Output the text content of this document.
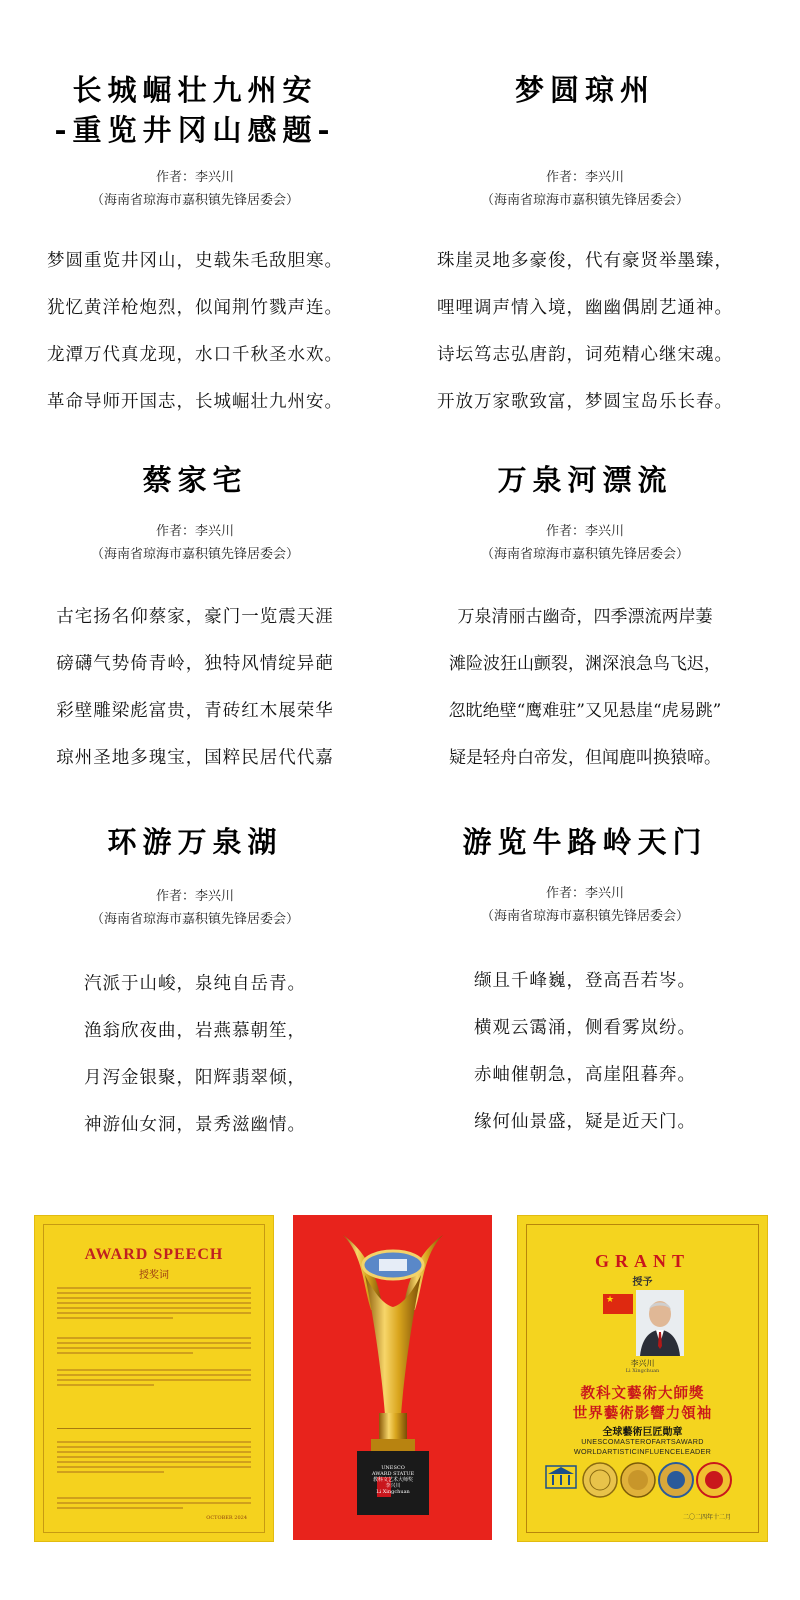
长城崛壮九州安
-重览井冈山感题-
作者：李兴川
（海南省琼海市嘉积镇先锋居委会）
梦圆重览井冈山，史载朱毛敌胆寒。
犹忆黄洋枪炮烈，似闻荆竹戮声连。
龙潭万代真龙现，水口千秋圣水欢。
革命导师开国志，长城崛壮九州安。
梦圆琼州
作者：李兴川
（海南省琼海市嘉积镇先锋居委会）
珠崖灵地多豪俊，代有豪贤举墨臻，
哩哩调声情入境，幽幽偶剧艺通神。
诗坛笃志弘唐韵，词苑精心继宋魂。
开放万家歌致富，梦圆宝岛乐长春。
蔡家宅
作者：李兴川
（海南省琼海市嘉积镇先锋居委会）
古宅扬名仰蔡家，豪门一览震天涯
磅礴气势倚青岭，独特风情绽异葩
彩壁雕梁彪富贵，青砖红木展荣华
琼州圣地多瑰宝，国粹民居代代嘉
万泉河漂流
作者：李兴川
（海南省琼海市嘉积镇先锋居委会）
万泉清丽古幽奇，四季漂流两岸萋
滩险波狂山颤裂，渊深浪急鸟飞迟，
忽眈绝壁“鹰难驻”又见悬崖“虎易跳”
疑是轻舟白帝发，但闻鹿叫换猿啼。
环游万泉湖
作者：李兴川
（海南省琼海市嘉积镇先锋居委会）
汽派于山峻，泉纯自岳青。
渔翁欣夜曲，岩燕慕朝笙，
月泻金银聚，阳辉翡翠倾，
神游仙女洞，景秀滋幽情。
游览牛路岭天门
作者：李兴川
（海南省琼海市嘉积镇先锋居委会）
缬且千峰巍，登高吾若岑。
横观云霭涌，侧看雾岚纷。
赤岫催朝急，高崖阻暮奔。
缘何仙景盛，疑是近天门。
AWARD SPEECH
授奖词
OCTOBER 2024
UNESCO
AWARD STATUE
教科文艺术大师奖
李兴川
Li Xingchuan
GRANT
授予
★
李兴川
Li Xingchuan
教科文藝術大師獎
世界藝術影響力領袖
全球藝術巨匠勛章
UNESCOMASTEROFARTSAWARD
WORLDARTISTICINFLUENCELEADER
二〇二四年十二月
